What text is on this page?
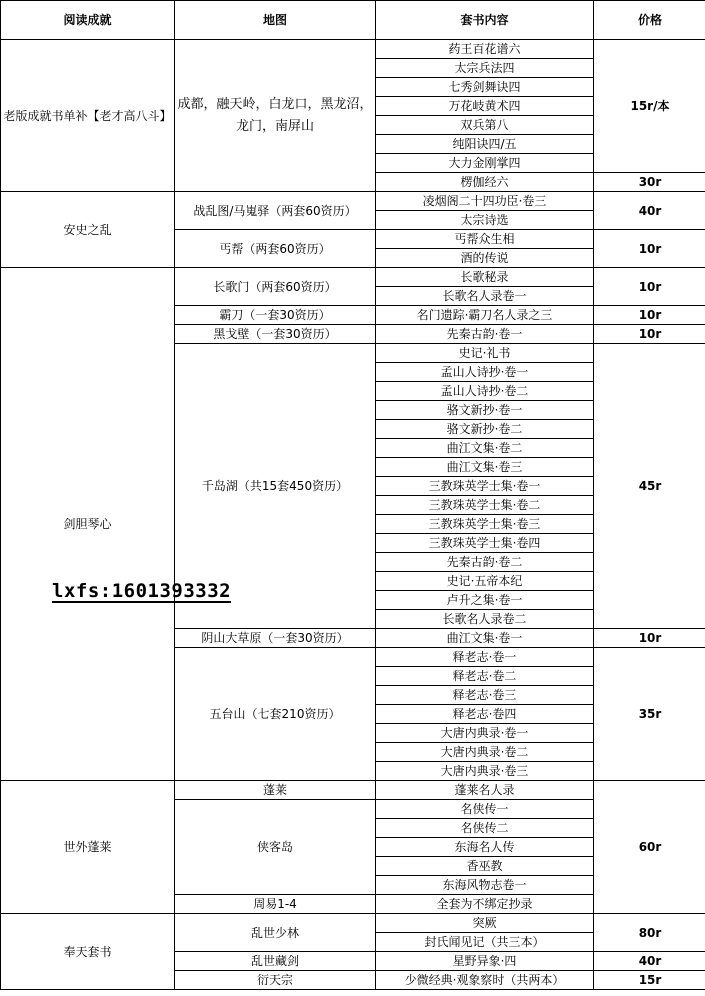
阅读成就	地图	套书内容	价格
老版成就书单补【老才高八斗】	成都，融天岭，白龙口，黑龙沼，龙门，南屏山	药王百花谱六	15r/本
		太宗兵法四	
		七秀剑舞诀四	
		万花岐黄术四	
		双兵第八	
		纯阳诀四/五	
		大力金刚掌四	
		楞伽经六	30r
安史之乱	战乱图/马嵬驿（两套60资历）	凌烟阁二十四功臣·卷三	40r
		太宗诗选	
	丐帮（两套60资历）	丐帮众生相	10r
		酒的传说	
剑胆琴心	长歌门（两套60资历）	长歌秘录	10r
		长歌名人录卷一	
	霸刀（一套30资历）	名门遗踪·霸刀名人录之三	10r
	黑戈壁（一套30资历）	先秦古韵·卷一	10r
	千岛湖（共15套450资历）	史记·礼书	45r
		孟山人诗抄·卷一	
		孟山人诗抄·卷二	
		骆文新抄·卷一	
		骆文新抄·卷二	
		曲江文集·卷二	
		曲江文集·卷三	
		三教珠英学士集·卷一	
		三教珠英学士集·卷二	
		三教珠英学士集·卷三	
		三教珠英学士集·卷四	
		先秦古韵·卷二	
		史记·五帝本纪	
		卢升之集·卷一	
		长歌名人录卷二	
	阴山大草原（一套30资历）	曲江文集·卷一	10r
	五台山（七套210资历）	释老志·卷一	35r
		释老志·卷二	
		释老志·卷三	
		释老志·卷四	
		大唐内典录·卷一	
		大唐内典录·卷二	
		大唐内典录·卷三	
世外蓬莱	蓬莱	蓬莱名人录	60r
	侠客岛	名侠传一	
		名侠传二	
		东海名人传	
		香巫教	
		东海风物志卷一	
	周易1-4	全套为不绑定抄录	
奉天套书	乱世少林	突厥	80r
		封氏闻见记（共三本）	
	乱世藏剑	星野异象·四	40r
	衍天宗	少微经典·观象察时（共两本）	15r
lxfs:1601393332
